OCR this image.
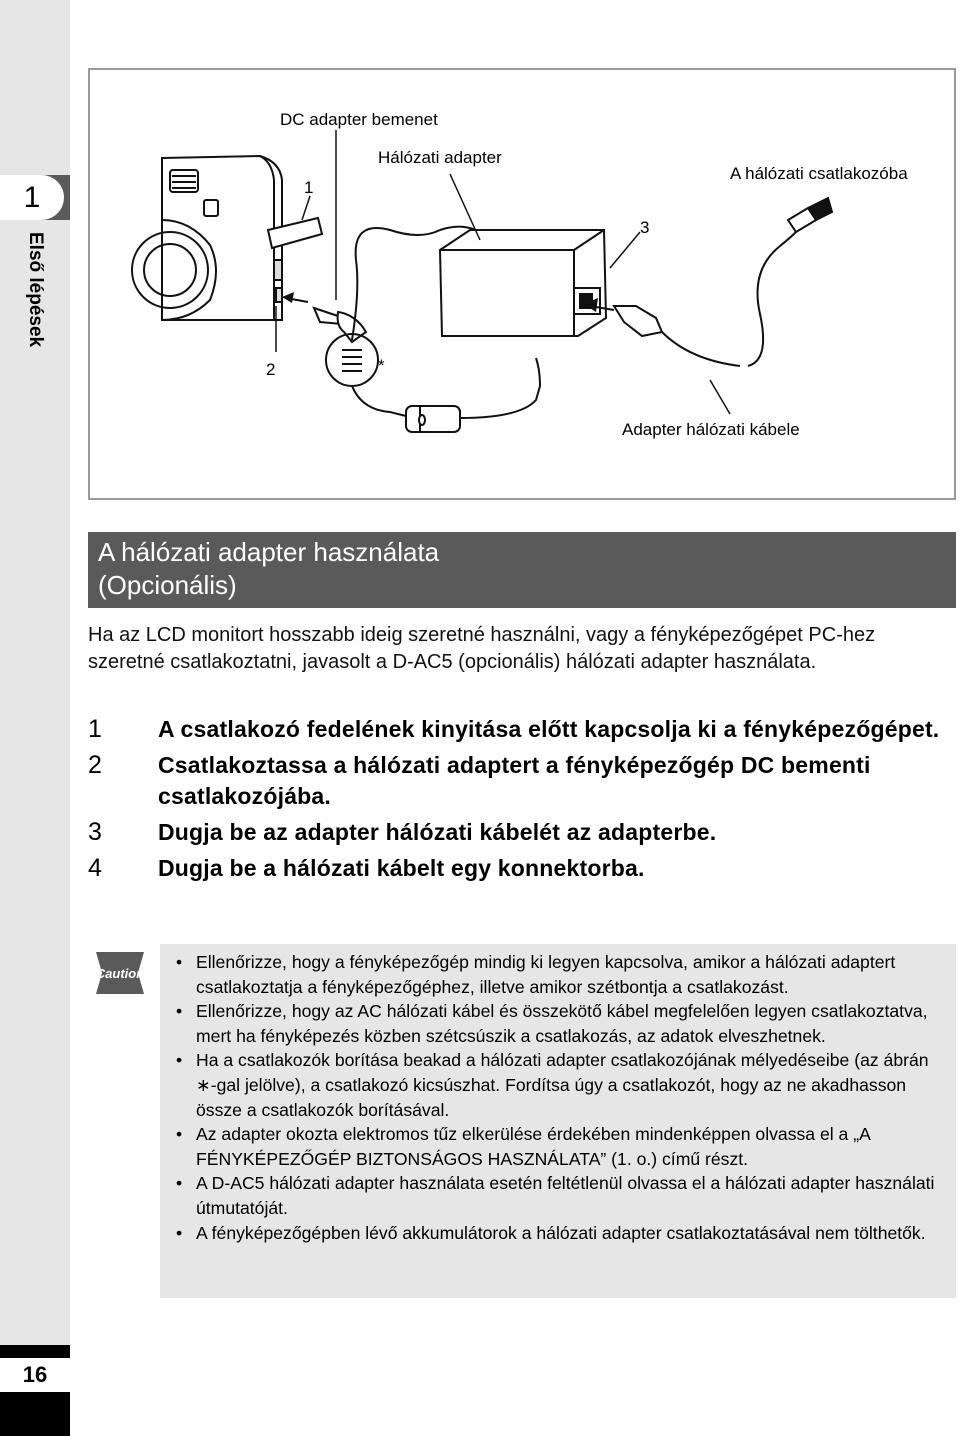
1
Első lépések
16
DC adapter bemenet
Hálózati adapter
A hálózati csatlakozóba
1
2
3
*
Adapter hálózati kábele
A hálózati adapter használata
(Opcionális)
Ha az LCD monitort hosszabb ideig szeretné használni, vagy a fényképezőgépet PC-hez szeretné csatlakoztatni, javasolt a D-AC5 (opcionális) hálózati adapter használata.
1 A csatlakozó fedelének kinyitása előtt kapcsolja ki a fényképezőgépet.
2 Csatlakoztassa a hálózati adaptert a fényképezőgép DC bementi csatlakozójába.
3 Dugja be az adapter hálózati kábelét az adapterbe.
4 Dugja be a hálózati kábelt egy konnektorba.
Caution
• Ellenőrizze, hogy a fényképezőgép mindig ki legyen kapcsolva, amikor a hálózati adaptert csatlakoztatja a fényképezőgéphez, illetve amikor szétbontja a csatlakozást.
• Ellenőrizze, hogy az AC hálózati kábel és összekötő kábel megfelelően legyen csatlakoztatva, mert ha fényképezés közben szétcsúszik a csatlakozás, az adatok elveszhetnek.
• Ha a csatlakozók borítása beakad a hálózati adapter csatlakozójának mélyedéseibe (az ábrán ∗-gal jelölve), a csatlakozó kicsúszhat. Fordítsa úgy a csatlakozót, hogy az ne akadhasson össze a csatlakozók borításával.
• Az adapter okozta elektromos tűz elkerülése érdekében mindenképpen olvassa el a „A FÉNYKÉPEZŐGÉP BIZTONSÁGOS HASZNÁLATA” (1. o.) című részt.
• A D-AC5 hálózati adapter használata esetén feltétlenül olvassa el a hálózati adapter használati útmutatóját.
• A fényképezőgépben lévő akkumulátorok a hálózati adapter csatlakoztatásával nem tölthetők.
